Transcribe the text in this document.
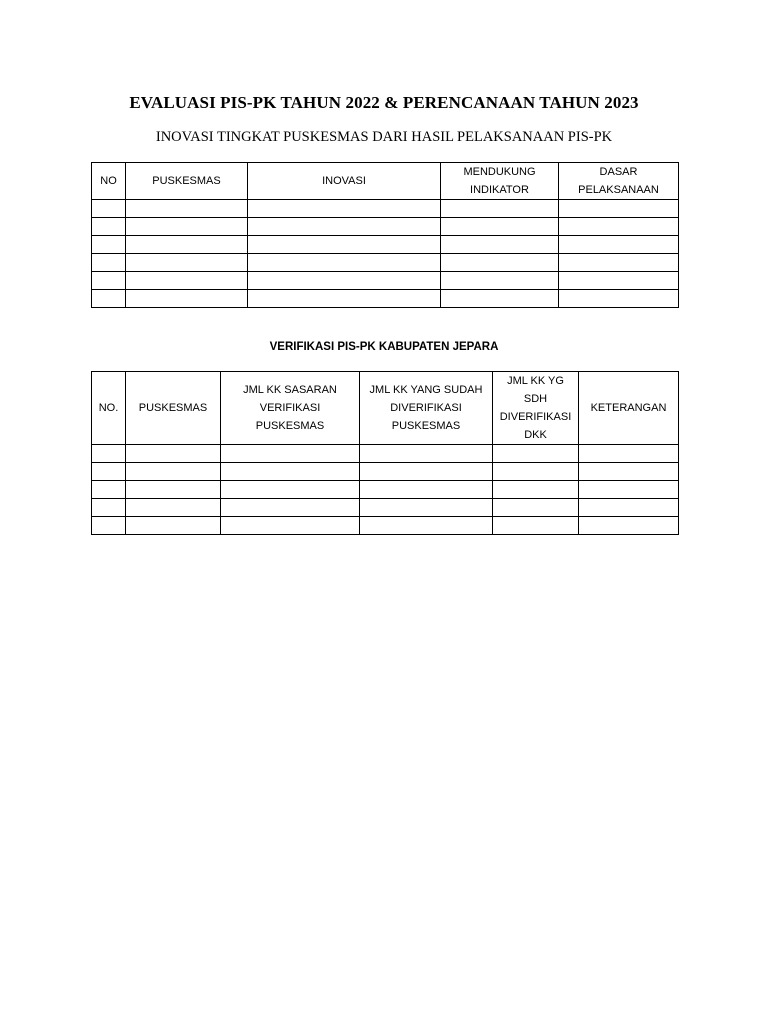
EVALUASI PIS-PK TAHUN 2022 & PERENCANAAN TAHUN 2023
INOVASI TINGKAT PUSKESMAS DARI HASIL PELAKSANAAN PIS-PK
NO	PUSKESMAS	INOVASI	MENDUKUNG INDIKATOR	DASAR PELAKSANAAN

VERIFIKASI PIS-PK KABUPATEN JEPARA
NO.	PUSKESMAS	JML KK SASARAN VERIFIKASI PUSKESMAS	JML KK YANG SUDAH DIVERIFIKASI PUSKESMAS	JML KK YG SDH DIVERIFIKASI DKK	KETERANGAN
